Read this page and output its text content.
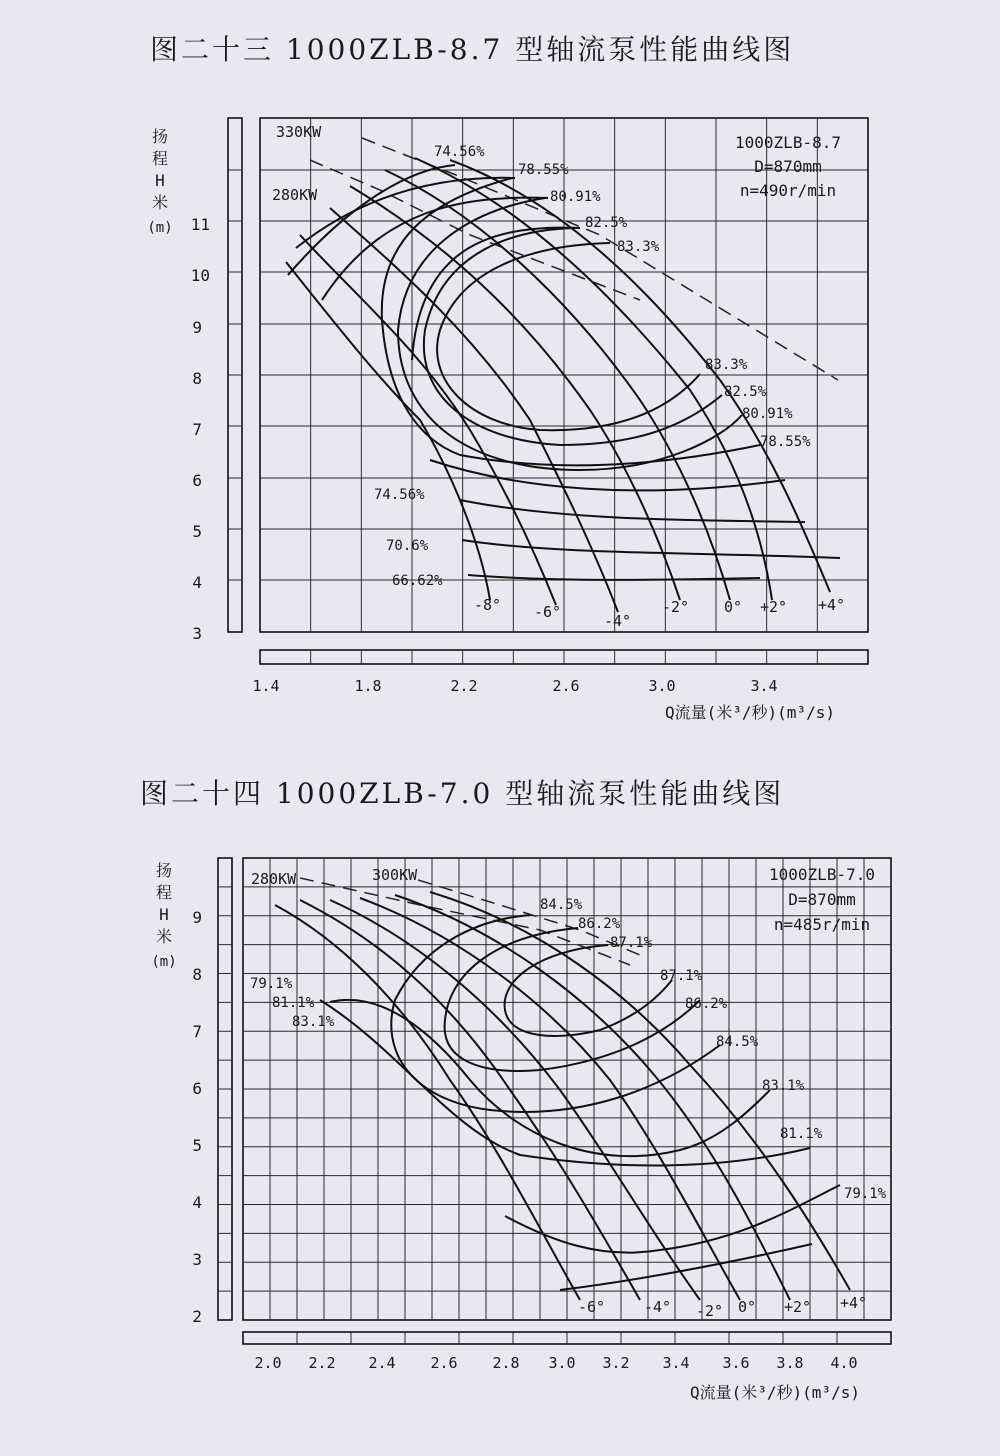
图二十三 1000ZLB-8.7 型轴流泵性能曲线图
图二十四 1000ZLB-7.0 型轴流泵性能曲线图
11
10
9
8
7
6
5
4
3
1.4	1.8	2.2	2.6	3.0	3.4
扬
程
H
米
(m)
Q流量(米³/秒)(m³/s)
1000ZLB-8.7
D=870mm
n=490r/min
330KW
280KW
74.56%
78.55%
80.91%
82.5%
83.3%
83.3%
82.5%
80.91%
78.55%
74.56%
70.6%
66.62%
-8° -6°	-4°
-2° 0° +2° +4°
9
8
7
6
5
4
3
2
2.0 2.2 2.4 2.6 2.8 3.0 3.2 3.4 3.6 3.8 4.0
扬
程
H
米
(m)
Q流量(米³/秒)(m³/s)
1000ZLB-7.0
D=870mm
n=485r/min
280KW	300KW
84.5%
86.2%
87.1%
87.1%
86.2%
84.5%
83.1%
81.1%
79.1%
79.1%
81.1%
83.1%
-6°	-4° -2° 0° +2° +4°
